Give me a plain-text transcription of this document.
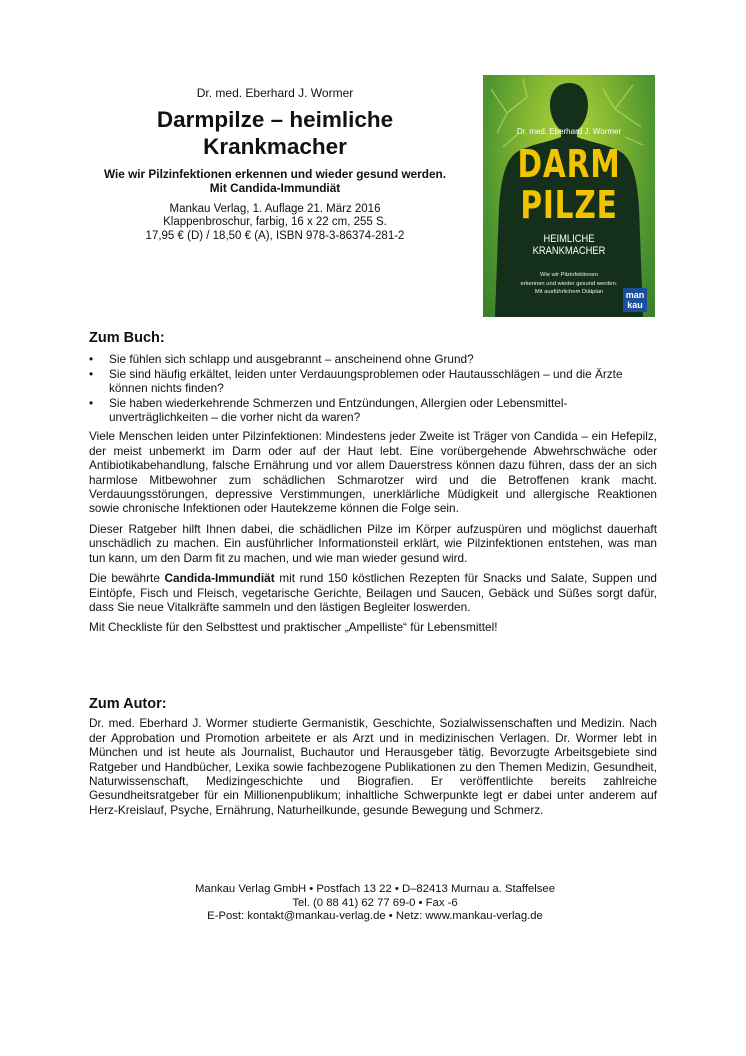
Dr. med. Eberhard J. Wormer
Darmpilze – heimliche
Krankmacher
Wie wir Pilzinfektionen erkennen und wieder gesund werden.
Mit Candida-Immundiät
Mankau Verlag, 1. Auflage 21. März 2016
Klappenbroschur, farbig, 16 x 22 cm, 255 S.
17,95 € (D) / 18,50 € (A), ISBN 978-3-86374-281-2
Dr. med. Eberhard J. Wormer
DARM
PILZE
HEIMLICHE
KRANKMACHER
Wie wir Pilzinfektionen
erkennen und wieder gesund werden.
Mit ausführlichem Diätplan	man
kau
Zum Buch:
• Sie fühlen sich schlapp und ausgebrannt – anscheinend ohne Grund?
• Sie sind häufig erkältet, leiden unter Verdauungsproblemen oder Hautausschlägen – und die Ärzte können nichts finden?
• Sie haben wiederkehrende Schmerzen und Entzündungen, Allergien oder Lebensmittel-unverträglichkeiten – die vorher nicht da waren?

Viele Menschen leiden unter Pilzinfektionen: Mindestens jeder Zweite ist Träger von Candida – ein Hefepilz, der meist unbemerkt im Darm oder auf der Haut lebt. Eine vorübergehende Abwehrschwäche oder Antibiotikabehandlung, falsche Ernährung und vor allem Dauerstress können dazu führen, dass der an sich harmlose Mitbewohner zum schädlichen Schmarotzer wird und die Betroffenen krank macht. Verdauungsstörungen, depressive Verstimmungen, unerklärliche Müdigkeit und allergische Reaktionen sowie chronische Infektionen oder Hautekzeme können die Folge sein.

Dieser Ratgeber hilft Ihnen dabei, die schädlichen Pilze im Körper aufzuspüren und möglichst dauerhaft unschädlich zu machen. Ein ausführlicher Informationsteil erklärt, wie Pilzinfektionen entstehen, was man tun kann, um den Darm fit zu machen, und wie man wieder gesund wird.

Die bewährte Candida-Immundiät mit rund 150 köstlichen Rezepten für Snacks und Salate, Suppen und Eintöpfe, Fisch und Fleisch, vegetarische Gerichte, Beilagen und Saucen, Gebäck und Süßes sorgt dafür, dass Sie neue Vitalkräfte sammeln und den lästigen Begleiter loswerden.

Mit Checkliste für den Selbsttest und praktischer „Ampelliste“ für Lebensmittel!

Zum Autor:

Dr. med. Eberhard J. Wormer studierte Germanistik, Geschichte, Sozialwissenschaften und Medizin. Nach der Approbation und Promotion arbeitete er als Arzt und in medizinischen Verlagen. Dr. Wormer lebt in München und ist heute als Journalist, Buchautor und Herausgeber tätig. Bevorzugte Arbeitsgebiete sind Ratgeber und Handbücher, Lexika sowie fachbezogene Publikationen zu den Themen Medizin, Gesundheit, Naturwissenschaft, Medizingeschichte und Biografien. Er veröffentlichte bereits zahlreiche Gesundheitsratgeber für ein Millionenpublikum; inhaltliche Schwerpunkte legt er dabei unter anderem auf Herz-Kreislauf, Psyche, Ernährung, Naturheilkunde, gesunde Bewegung und Schmerz.

Mankau Verlag GmbH • Postfach 13 22 • D–82413 Murnau a. Staffelsee
Tel. (0 88 41) 62 77 69-0 • Fax -6
E-Post: kontakt@mankau-verlag.de • Netz: www.mankau-verlag.de
